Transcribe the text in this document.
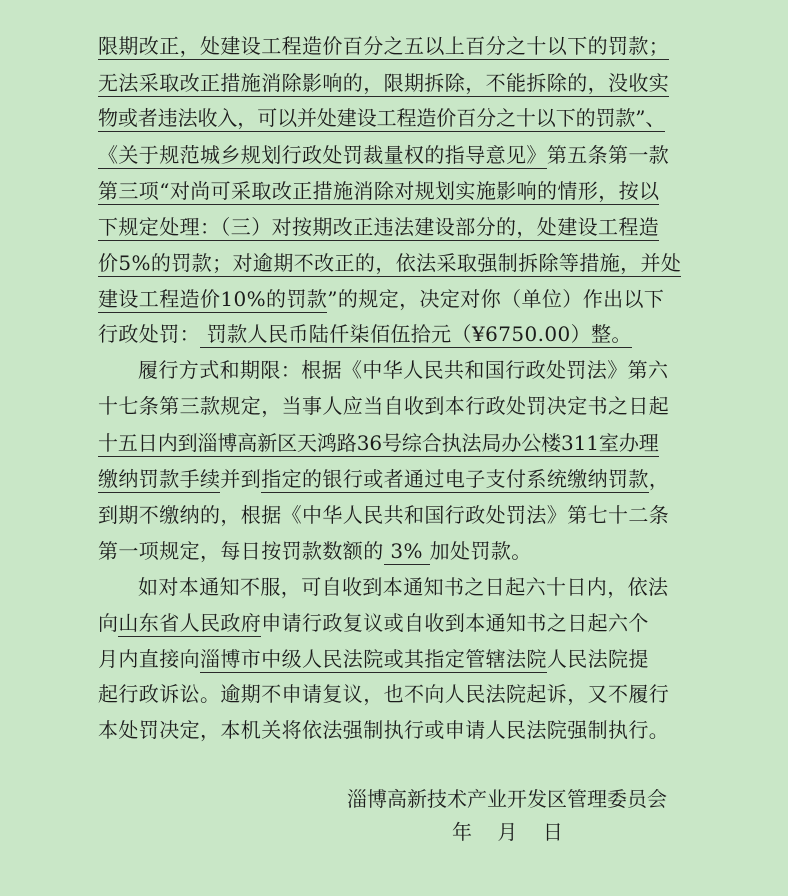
限期改正，处建设工程造价百分之五以上百分之十以下的罚款；
无法采取改正措施消除影响的，限期拆除，不能拆除的，没收实
物或者违法收入，可以并处建设工程造价百分之十以下的罚款”、
《关于规范城乡规划行政处罚裁量权的指导意见》第五条第一款
第三项“对尚可采取改正措施消除对规划实施影响的情形，按以
下规定处理：（三）对按期改正违法建设部分的，处建设工程造
价5%的罚款；对逾期不改正的，依法采取强制拆除等措施，并处
建设工程造价10%的罚款”的规定，决定对你（单位）作出以下
行政处罚： 罚款人民币陆仟柒佰伍拾元（¥6750.00）整。
履行方式和期限：根据《中华人民共和国行政处罚法》第六
十七条第三款规定，当事人应当自收到本行政处罚决定书之日起
十五日内到淄博高新区天鸿路36号综合执法局办公楼311室办理
缴纳罚款手续并到指定的银行或者通过电子支付系统缴纳罚款，
到期不缴纳的，根据《中华人民共和国行政处罚法》第七十二条
第一项规定，每日按罚款数额的 3% 加处罚款。
如对本通知不服，可自收到本通知书之日起六十日内，依法
向山东省人民政府申请行政复议或自收到本通知书之日起六个
月内直接向淄博市中级人民法院或其指定管辖法院人民法院提
起行政诉讼。逾期不申请复议，也不向人民法院起诉，又不履行
本处罚决定，本机关将依法强制执行或申请人民法院强制执行。
淄博高新技术产业开发区管理委员会
年    月    日
